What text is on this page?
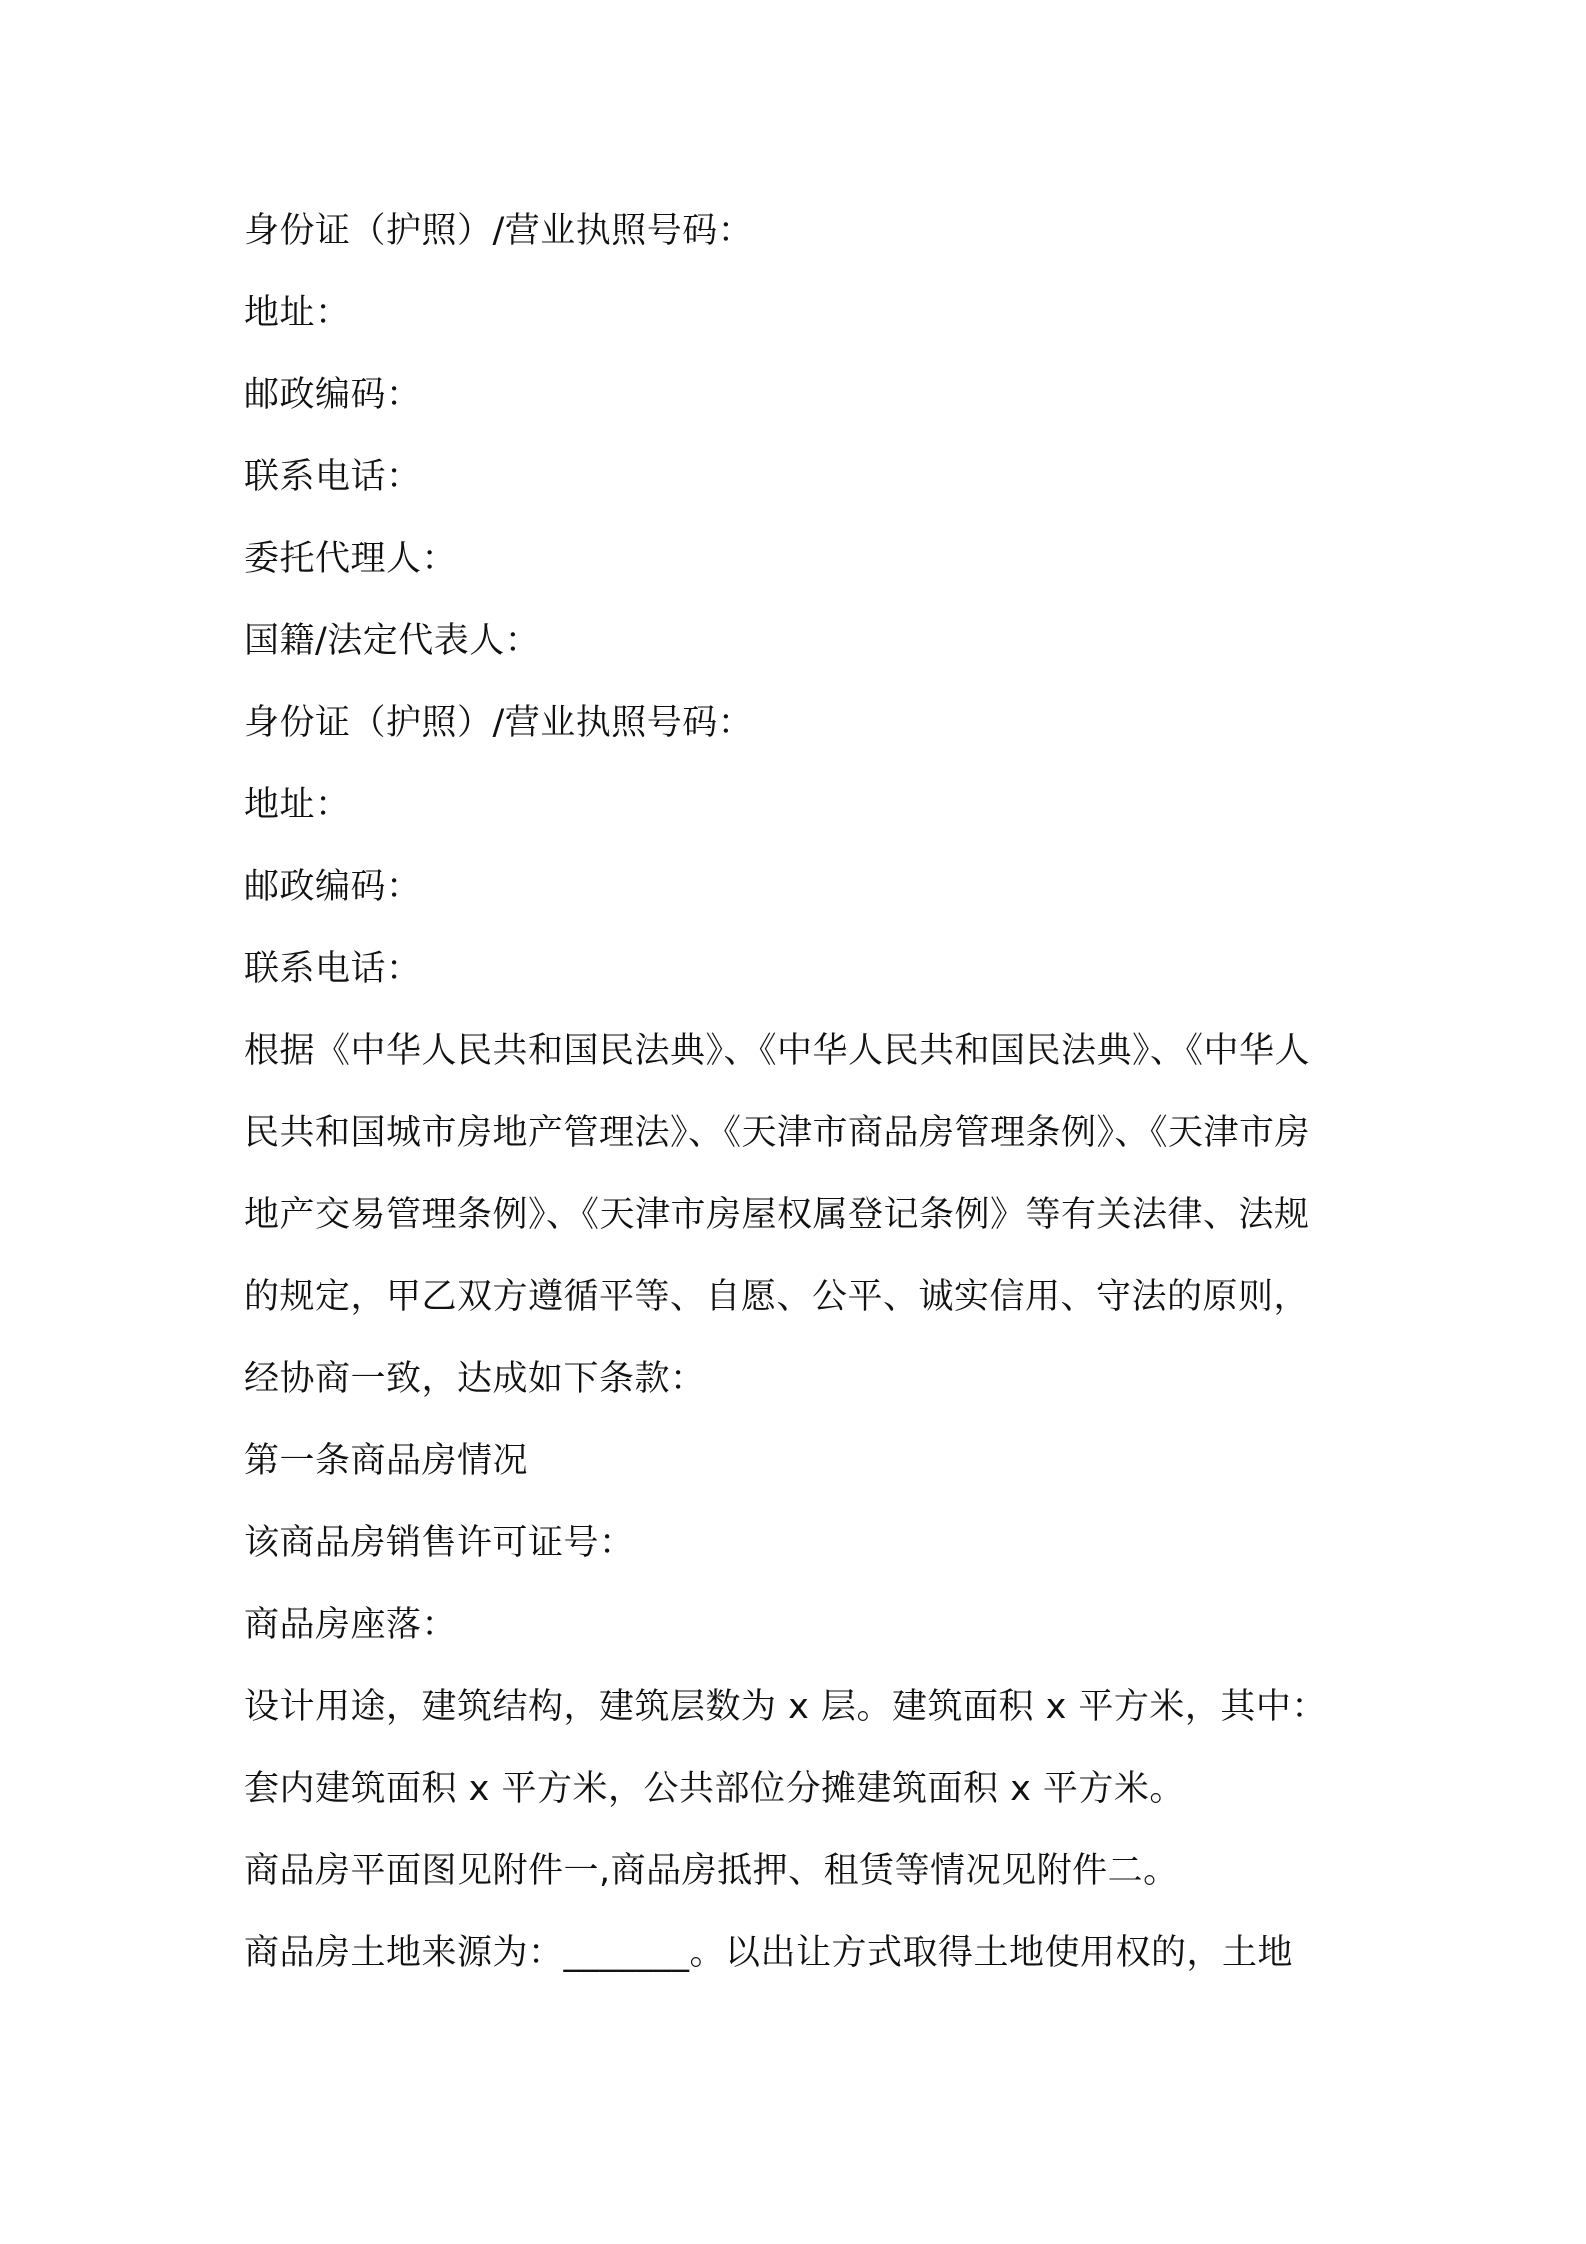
身份证（护照）/营业执照号码：
地址：
邮政编码：
联系电话：
委托代理人：
国籍/法定代表人：
身份证（护照）/营业执照号码：
地址：
邮政编码：
联系电话：
根据《中华人民共和国民法典》、《中华人民共和国民法典》、《中华人
民共和国城市房地产管理法》、《天津市商品房管理条例》、《天津市房
地产交易管理条例》、《天津市房屋权属登记条例》等有关法律、法规
的规定，甲乙双方遵循平等、自愿、公平、诚实信用、守法的原则，
经协商一致，达成如下条款：
第一条商品房情况
该商品房销售许可证号：
商品房座落：
设计用途，建筑结构，建筑层数为 x 层。建筑面积 x 平方米，其中：
套内建筑面积 x 平方米，公共部位分摊建筑面积 x 平方米。
商品房平面图见附件一,商品房抵押、租赁等情况见附件二。
商品房土地来源为：_______。以出让方式取得土地使用权的，土地
